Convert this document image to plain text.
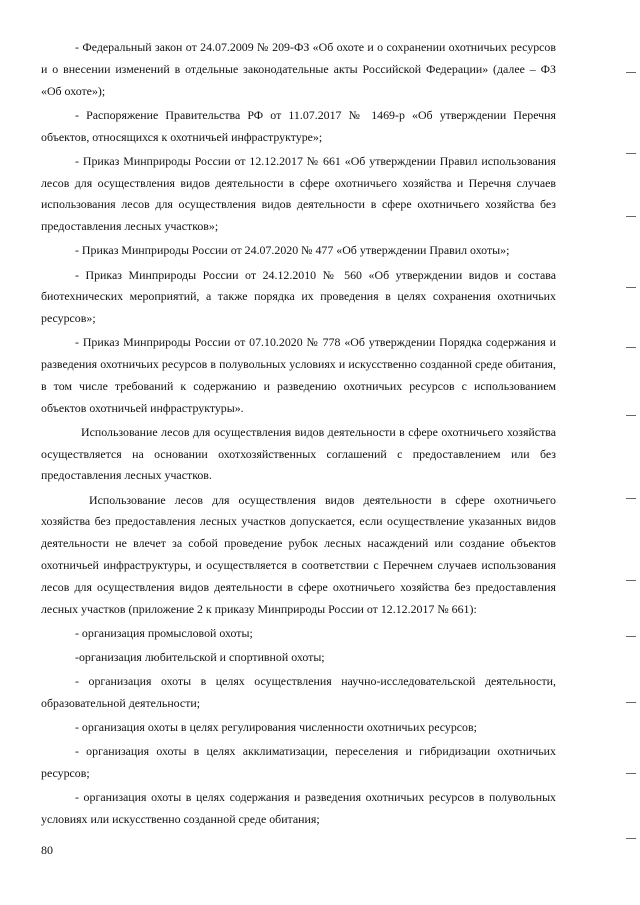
- Федеральный закон от 24.07.2009 № 209-ФЗ «Об охоте и о сохранении охотничьих ресурсов и о внесении изменений в отдельные законодательные акты Российской Федерации» (далее – ФЗ «Об охоте»);

- Распоряжение Правительства РФ от 11.07.2017 № 1469-р «Об утверждении Перечня объектов, относящихся к охотничьей инфраструктуре»;

- Приказ Минприроды России от 12.12.2017 № 661 «Об утверждении Правил использования лесов для осуществления видов деятельности в сфере охотничьего хозяйства и Перечня случаев использования лесов для осуществления видов деятельности в сфере охотничьего хозяйства без предоставления лесных участков»;

- Приказ Минприроды России от 24.07.2020 № 477 «Об утверждении Правил охоты»;

- Приказ Минприроды России от 24.12.2010 № 560 «Об утверждении видов и состава биотехнических мероприятий, а также порядка их проведения в целях сохранения охотничьих ресурсов»;

- Приказ Минприроды России от 07.10.2020 № 778 «Об утверждении Порядка содержания и разведения охотничьих ресурсов в полувольных условиях и искусственно созданной среде обитания, в том числе требований к содержанию и разведению охотничьих ресурсов с использованием объектов охотничьей инфраструктуры».

Использование лесов для осуществления видов деятельности в сфере охотничьего хозяйства осуществляется на основании охотхозяйственных соглашений с предоставлением или без предоставления лесных участков.

Использование лесов для осуществления видов деятельности в сфере охотничьего хозяйства без предоставления лесных участков допускается, если осуществление указанных видов деятельности не влечет за собой проведение рубок лесных насаждений или создание объектов охотничьей инфраструктуры, и осуществляется в соответствии с Перечнем случаев использования лесов для осуществления видов деятельности в сфере охотничьего хозяйства без предоставления лесных участков (приложение 2 к приказу Минприроды России от 12.12.2017 № 661):

- организация промысловой охоты;

-организация любительской и спортивной охоты;

- организация охоты в целях осуществления научно-исследовательской деятельности, образовательной деятельности;

- организация охоты в целях регулирования численности охотничьих ресурсов;

- организация охоты в целях акклиматизации, переселения и гибридизации охотничьих ресурсов;

- организация охоты в целях содержания и разведения охотничьих ресурсов в полувольных условиях или искусственно созданной среде обитания;

80
